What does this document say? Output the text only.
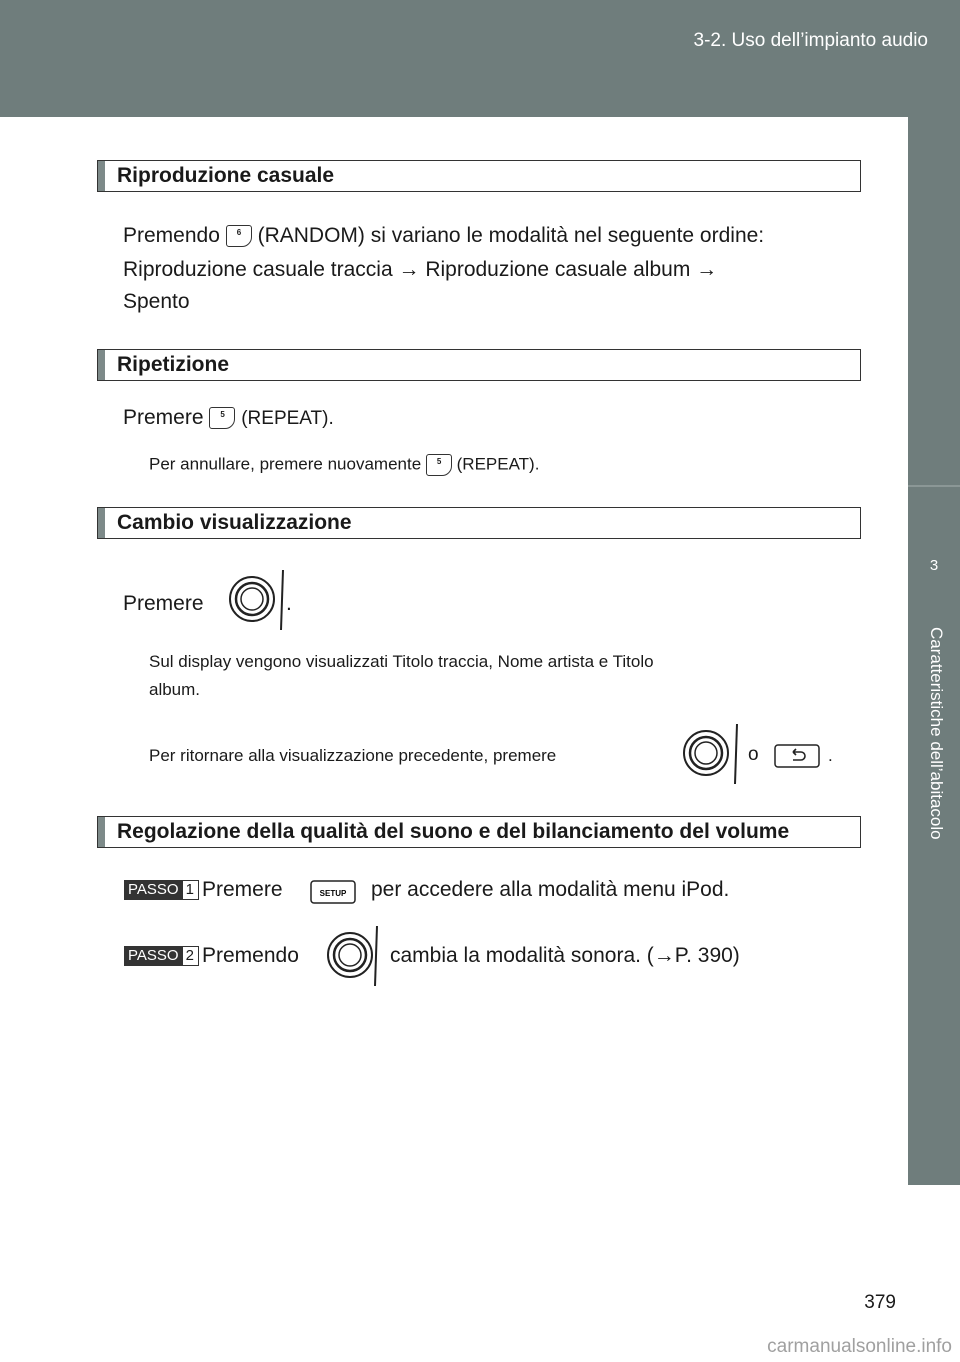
3-2. Uso dell’impianto audio
3
Caratteristiche dell’abitacolo
Riproduzione casuale
Premendo 6 (RANDOM) si variano le modalità nel seguente ordine:
Riproduzione casuale traccia → Riproduzione casuale album →
Spento
Ripetizione
Premere 5 (REPEAT).
Per annullare, premere nuovamente 5 (REPEAT).
Cambio visualizzazione
Premere	.
Sul display vengono visualizzati Titolo traccia, Nome artista e Titolo
album.
Per ritornare alla visualizzazione precedente, premere	o	.
Regolazione della qualità del suono e del bilanciamento del volume
PASSO 1 Premere	SETUP per accedere alla modalità menu iPod.
PASSO 2 Premendo	cambia la modalità sonora. (→P. 390)
379
carmanualsonline.info
